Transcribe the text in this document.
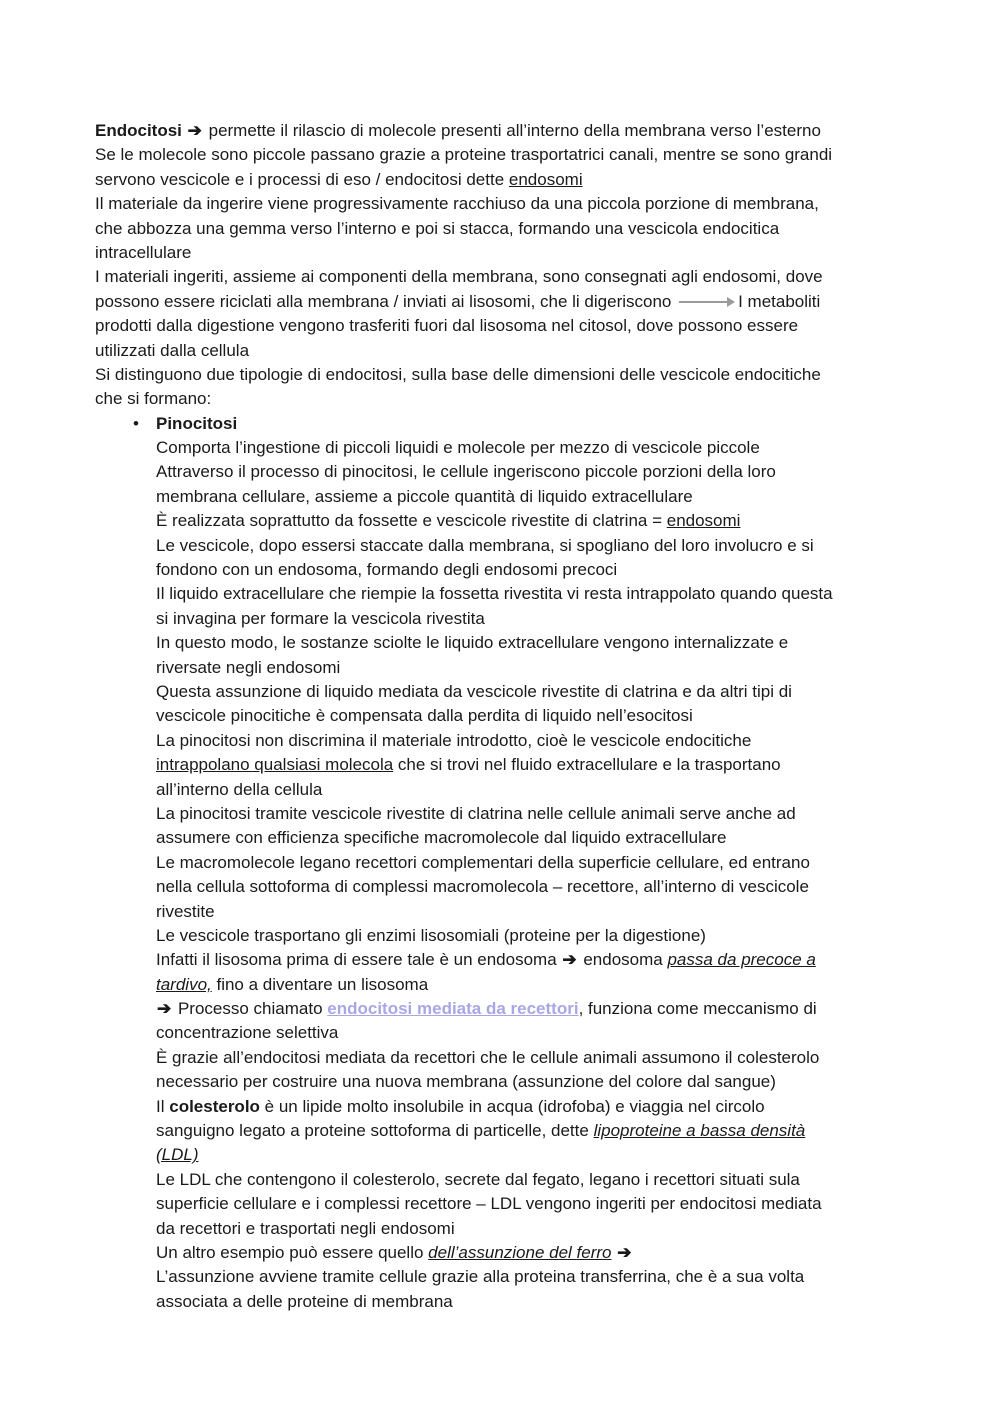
Endocitosi ➔ permette il rilascio di molecole presenti all’interno della membrana verso l’esterno
Se le molecole sono piccole passano grazie a proteine trasportatrici canali, mentre se sono grandi
servono vescicole e i processi di eso / endocitosi dette endosomi
Il materiale da ingerire viene progressivamente racchiuso da una piccola porzione di membrana,
che abbozza una gemma verso l’interno e poi si stacca, formando una vescicola endocitica
intracellulare
I materiali ingeriti, assieme ai componenti della membrana, sono consegnati agli endosomi, dove
possono essere riciclati alla membrana / inviati ai lisosomi, che li digeriscono	I metaboliti
prodotti dalla digestione vengono trasferiti fuori dal lisosoma nel citosol, dove possono essere
utilizzati dalla cellula
Si distinguono due tipologie di endocitosi, sulla base delle dimensioni delle vescicole endocitiche
che si formano:
•	Pinocitosi
Comporta l’ingestione di piccoli liquidi e molecole per mezzo di vescicole piccole
Attraverso il processo di pinocitosi, le cellule ingeriscono piccole porzioni della loro
membrana cellulare, assieme a piccole quantità di liquido extracellulare
È realizzata soprattutto da fossette e vescicole rivestite di clatrina = endosomi
Le vescicole, dopo essersi staccate dalla membrana, si spogliano del loro involucro e si
fondono con un endosoma, formando degli endosomi precoci
Il liquido extracellulare che riempie la fossetta rivestita vi resta intrappolato quando questa
si invagina per formare la vescicola rivestita
In questo modo, le sostanze sciolte le liquido extracellulare vengono internalizzate e
riversate negli endosomi
Questa assunzione di liquido mediata da vescicole rivestite di clatrina e da altri tipi di
vescicole pinocitiche è compensata dalla perdita di liquido nell’esocitosi
La pinocitosi non discrimina il materiale introdotto, cioè le vescicole endocitiche
intrappolano qualsiasi molecola che si trovi nel fluido extracellulare e la trasportano
all’interno della cellula
La pinocitosi tramite vescicole rivestite di clatrina nelle cellule animali serve anche ad
assumere con efficienza specifiche macromolecole dal liquido extracellulare
Le macromolecole legano recettori complementari della superficie cellulare, ed entrano
nella cellula sottoforma di complessi macromolecola – recettore, all’interno di vescicole
rivestite
Le vescicole trasportano gli enzimi lisosomiali (proteine per la digestione)
Infatti il lisosoma prima di essere tale è un endosoma ➔ endosoma passa da precoce a
tardivo, fino a diventare un lisosoma
➔ Processo chiamato endocitosi mediata da recettori, funziona come meccanismo di
concentrazione selettiva
È grazie all’endocitosi mediata da recettori che le cellule animali assumono il colesterolo
necessario per costruire una nuova membrana (assunzione del colore dal sangue)
Il colesterolo è un lipide molto insolubile in acqua (idrofoba) e viaggia nel circolo
sanguigno legato a proteine sottoforma di particelle, dette lipoproteine a bassa densità
(LDL)
Le LDL che contengono il colesterolo, secrete dal fegato, legano i recettori situati sula
superficie cellulare e i complessi recettore – LDL vengono ingeriti per endocitosi mediata
da recettori e trasportati negli endosomi
Un altro esempio può essere quello dell’assunzione del ferro ➔
L’assunzione avviene tramite cellule grazie alla proteina transferrina, che è a sua volta
associata a delle proteine di membrana
